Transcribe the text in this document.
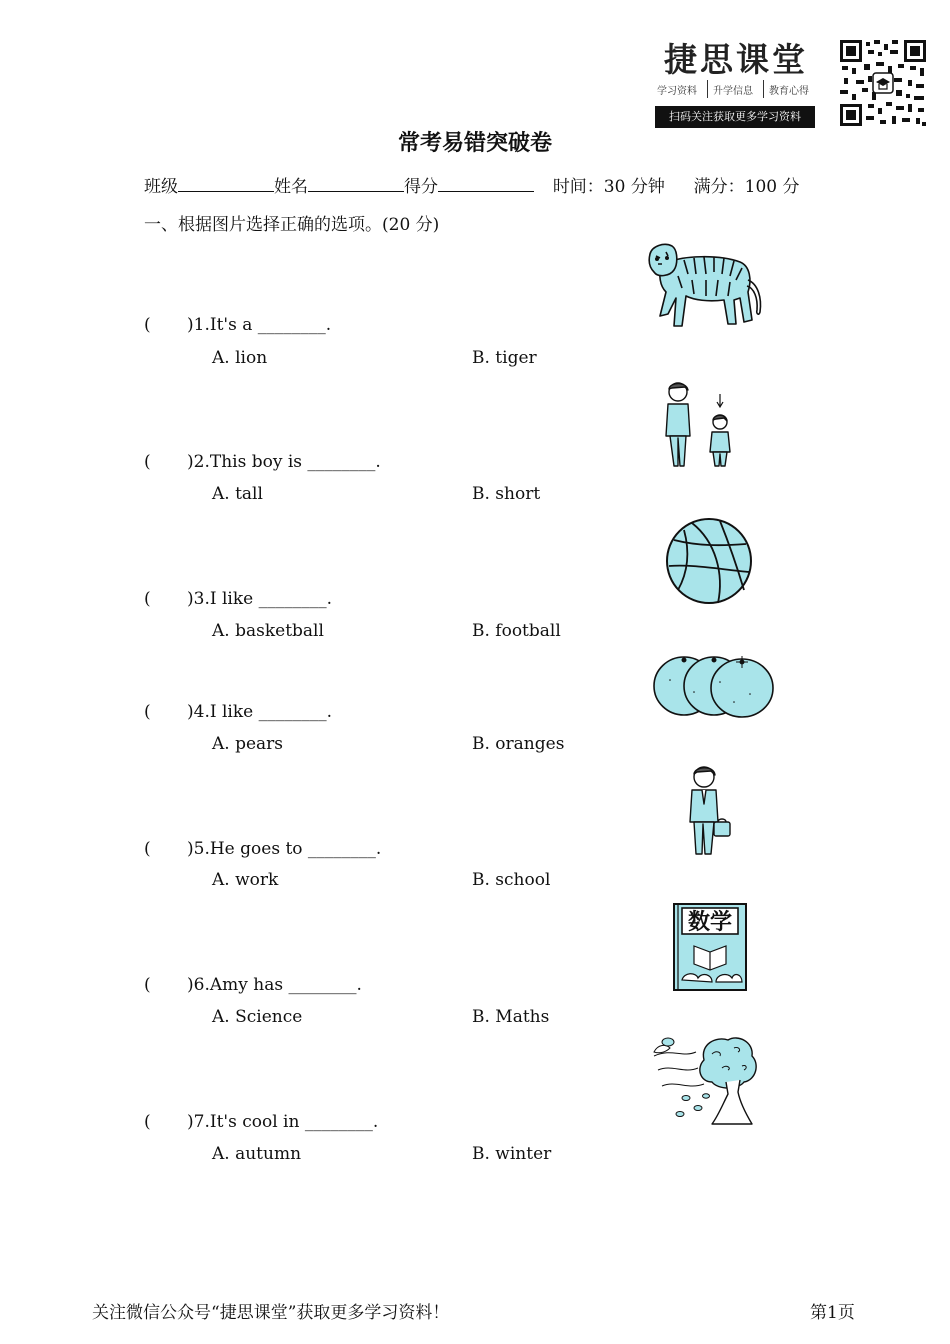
捷思课堂
学习资料 升学信息 教育心得
扫码关注获取更多学习资料
常考易错突破卷
班级	姓名	得分	时间：30 分钟 满分：100 分
一、根据图片选择正确的选项。(20 分)
( )1.It's a ________.
A. lion	B. tiger
( )2.This boy is ________.
A. tall	B. short
( )3.I like ________.
A. basketball	B. football
( )4.I like ________.
A. pears	B. oranges
( )5.He goes to ________.
A. work	B. school
( )6.Amy has ________.
A. Science	B. Maths
( )7.It's cool in ________.
A. autumn	B. winter
数学
关注微信公众号“捷思课堂”获取更多学习资料！	第1页
